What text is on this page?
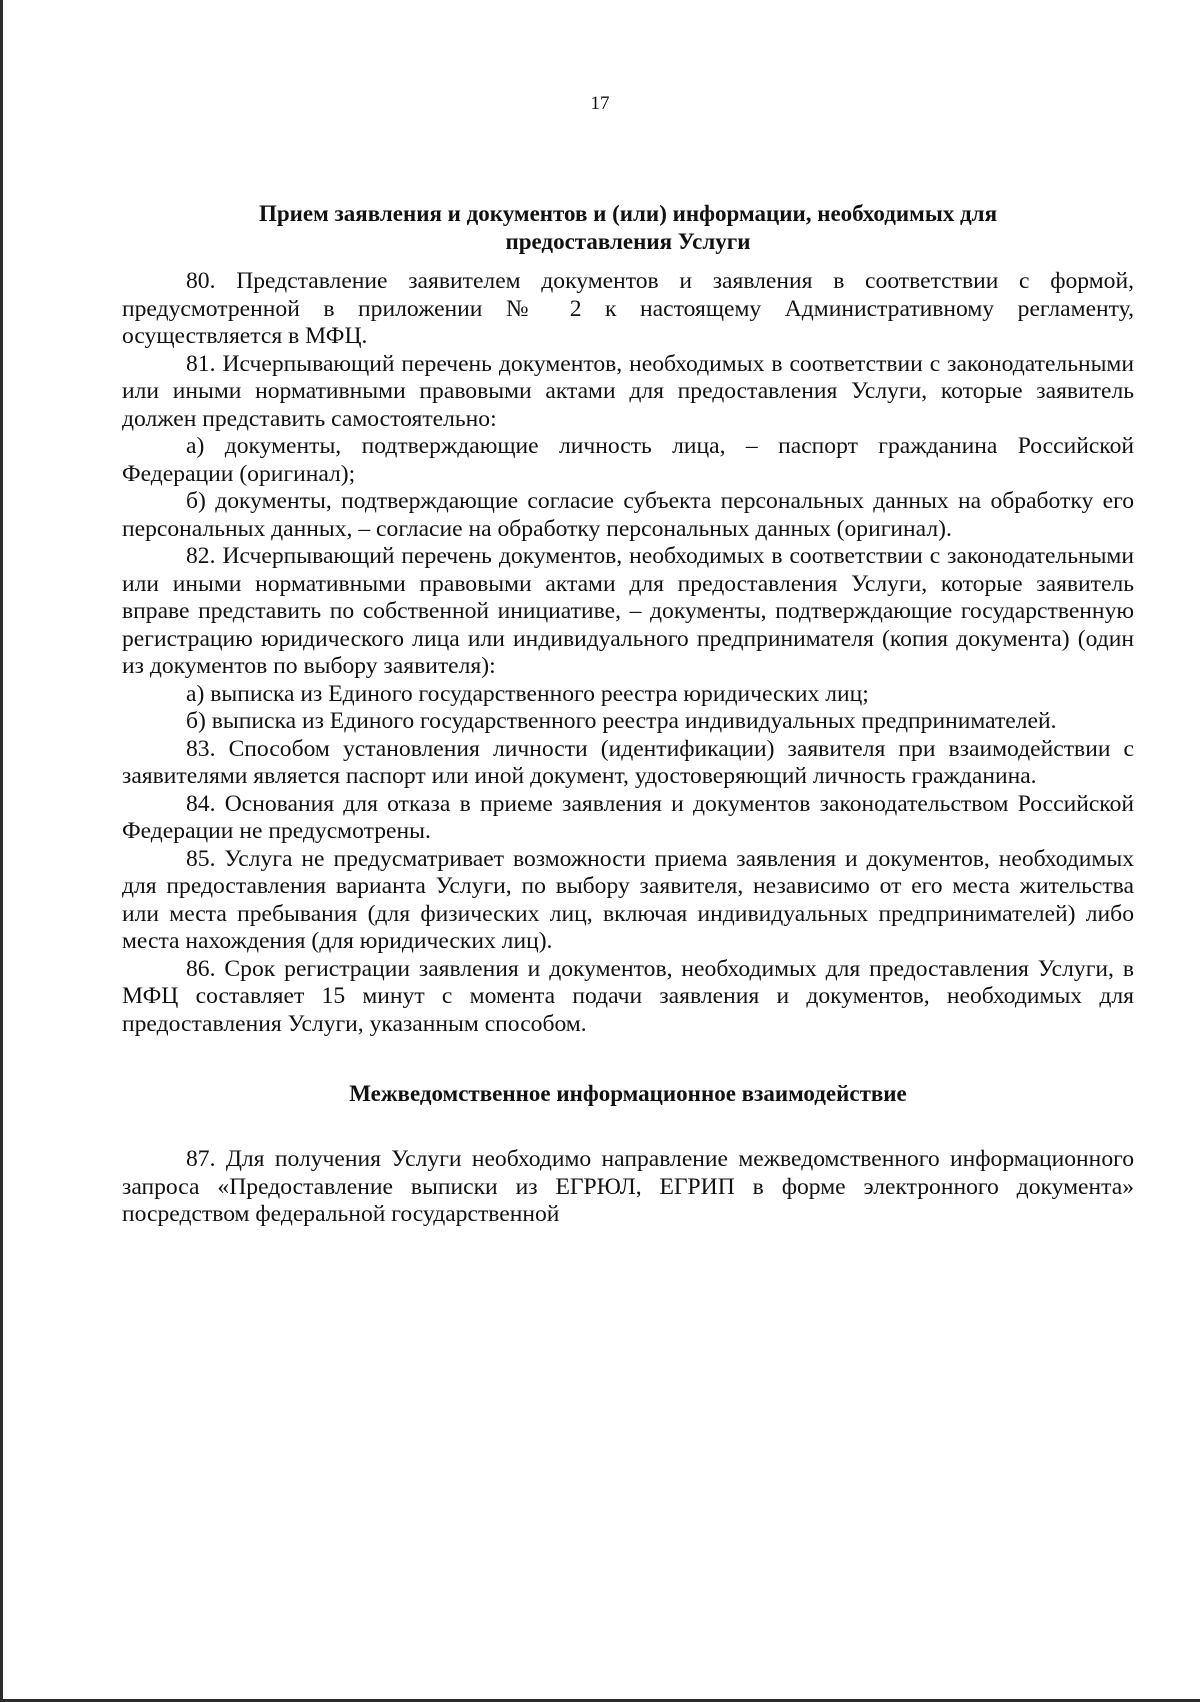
17
Прием заявления и документов и (или) информации, необходимых для
предоставления Услуги

80. Представление заявителем документов и заявления в соответствии с формой, предусмотренной в приложении № 2 к настоящему Административному регламенту, осуществляется в МФЦ.

81. Исчерпывающий перечень документов, необходимых в соответствии с законодательными или иными нормативными правовыми актами для предоставления Услуги, которые заявитель должен представить самостоятельно:

а) документы, подтверждающие личность лица, – паспорт гражданина Российской Федерации (оригинал);

б) документы, подтверждающие согласие субъекта персональных данных на обработку его персональных данных, – согласие на обработку персональных данных (оригинал).

82. Исчерпывающий перечень документов, необходимых в соответствии с законодательными или иными нормативными правовыми актами для предоставления Услуги, которые заявитель вправе представить по собственной инициативе, – документы, подтверждающие государственную регистрацию юридического лица или индивидуального предпринимателя (копия документа) (один из документов по выбору заявителя):

а) выписка из Единого государственного реестра юридических лиц;

б) выписка из Единого государственного реестра индивидуальных предпринимателей.

83. Способом установления личности (идентификации) заявителя при взаимодействии с заявителями является паспорт или иной документ, удостоверяющий личность гражданина.

84. Основания для отказа в приеме заявления и документов законодательством Российской Федерации не предусмотрены.

85. Услуга не предусматривает возможности приема заявления и документов, необходимых для предоставления варианта Услуги, по выбору заявителя, независимо от его места жительства или места пребывания (для физических лиц, включая индивидуальных предпринимателей) либо места нахождения (для юридических лиц).

86. Срок регистрации заявления и документов, необходимых для предоставления Услуги, в МФЦ составляет 15 минут с момента подачи заявления и документов, необходимых для предоставления Услуги, указанным способом.

Межведомственное информационное взаимодействие

87. Для получения Услуги необходимо направление межведомственного информационного запроса «Предоставление выписки из ЕГРЮЛ, ЕГРИП в форме электронного документа» посредством федеральной государственной
